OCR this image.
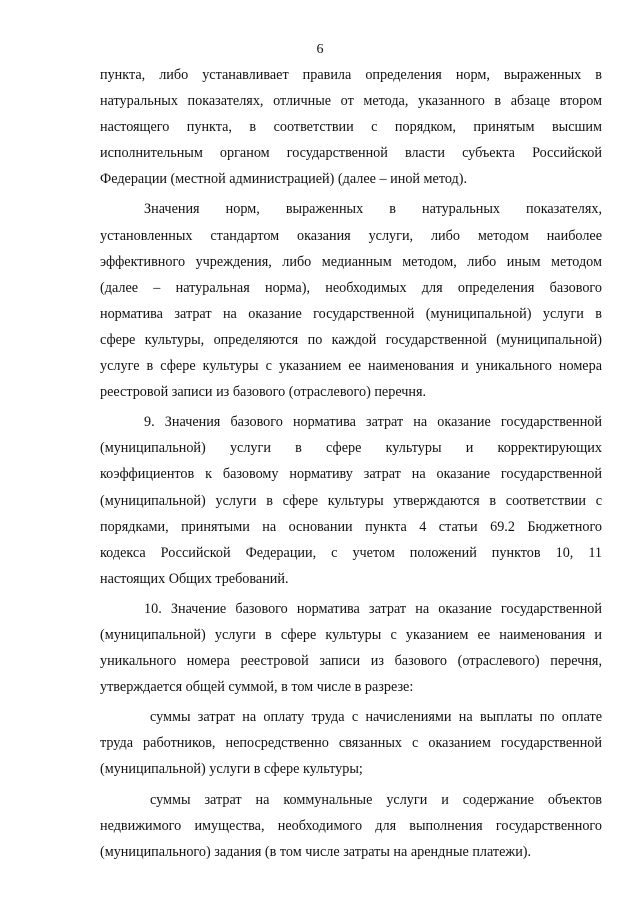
6
пункта, либо устанавливает правила определения норм, выраженных в
натуральных показателях, отличные от метода, указанного в абзаце втором
настоящего пункта, в соответствии с порядком, принятым высшим
исполнительным органом государственной власти субъекта Российской
Федерации (местной администрацией) (далее – иной метод).
Значения норм, выраженных в натуральных показателях,
установленных стандартом оказания услуги, либо методом наиболее
эффективного учреждения, либо медианным методом, либо иным методом
(далее – натуральная норма), необходимых для определения базового
норматива затрат на оказание государственной (муниципальной) услуги в
сфере культуры, определяются по каждой государственной (муниципальной)
услуге в сфере культуры с указанием ее наименования и уникального номера
реестровой записи из базового (отраслевого) перечня.
9. Значения базового норматива затрат на оказание государственной
(муниципальной) услуги в сфере культуры и корректирующих
коэффициентов к базовому нормативу затрат на оказание государственной
(муниципальной) услуги в сфере культуры утверждаются в соответствии с
порядками, принятыми на основании пункта 4 статьи 69.2 Бюджетного
кодекса Российской Федерации, с учетом положений пунктов 10, 11
настоящих Общих требований.
10. Значение базового норматива затрат на оказание государственной
(муниципальной) услуги в сфере культуры с указанием ее наименования и
уникального номера реестровой записи из базового (отраслевого) перечня,
утверждается общей суммой, в том числе в разрезе:
суммы затрат на оплату труда с начислениями на выплаты по оплате
труда работников, непосредственно связанных с оказанием государственной
(муниципальной) услуги в сфере культуры;
суммы затрат на коммунальные услуги и содержание объектов
недвижимого имущества, необходимого для выполнения государственного
(муниципального) задания (в том числе затраты на арендные платежи).
